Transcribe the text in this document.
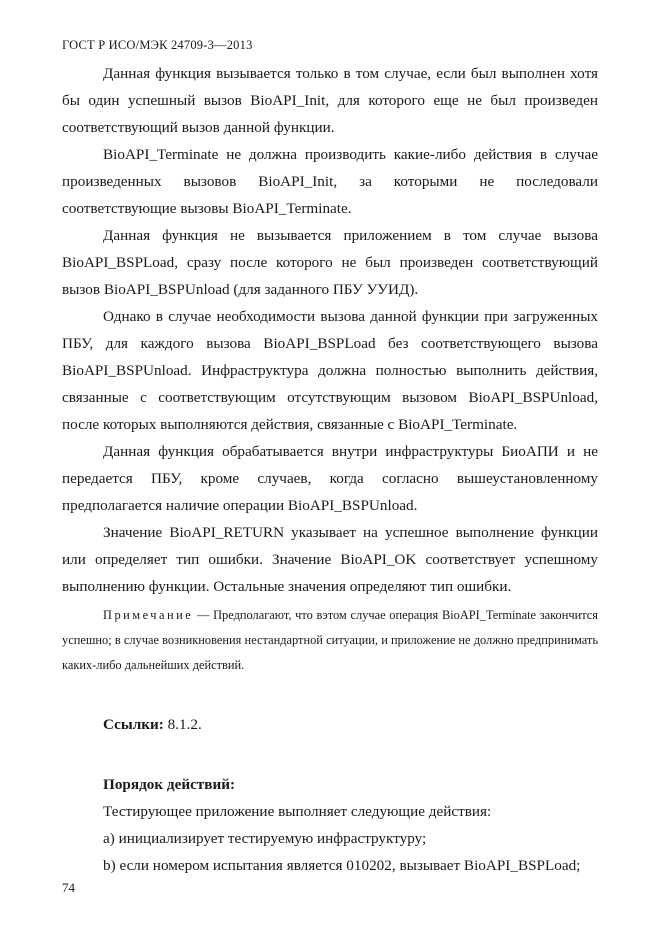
ГОСТ Р ИСО/МЭК 24709-3—2013

Данная функция вызывается только в том случае, если был выполнен хотя бы один успешный вызов BioAPI_Init, для которого еще не был произведен соответствующий вызов данной функции.

BioAPI_Terminate не должна производить какие-либо действия в случае произведенных вызовов BioAPI_Init, за которыми не последовали соответствующие вызовы BioAPI_Terminate.

Данная функция не вызывается приложением в том случае вызова BioAPI_BSPLoad, сразу после которого не был произведен соответствующий вызов BioAPI_BSPUnload (для заданного ПБУ УУИД).

Однако в случае необходимости вызова данной функции при загруженных ПБУ, для каждого вызова BioAPI_BSPLoad без соответствующего вызова BioAPI_BSPUnload. Инфраструктура должна полностью выполнить действия, связанные с соответствующим отсутствующим вызовом BioAPI_BSPUnload, после которых выполняются действия, связанные с BioAPI_Terminate.

Данная функция обрабатывается внутри инфраструктуры БиоАПИ и не передается ПБУ, кроме случаев, когда согласно вышеустановленному предполагается наличие операции BioAPI_BSPUnload.

Значение BioAPI_RETURN указывает на успешное выполнение функции или определяет тип ошибки. Значение BioAPI_OK соответствует успешному выполнению функции. Остальные значения определяют тип ошибки.

Примечание — Предполагают, что вэтом случае операция BioAPI_Terminate закончится успешно; в случае возникновения нестандартной ситуации, и приложение не должно предпринимать каких-либо дальнейших действий.

Ссылки: 8.1.2.

Порядок действий:

Тестирующее приложение выполняет следующие действия:

а) инициализирует тестируемую инфраструктуру;

b) если номером испытания является 010202, вызывает BioAPI_BSPLoad;

74
